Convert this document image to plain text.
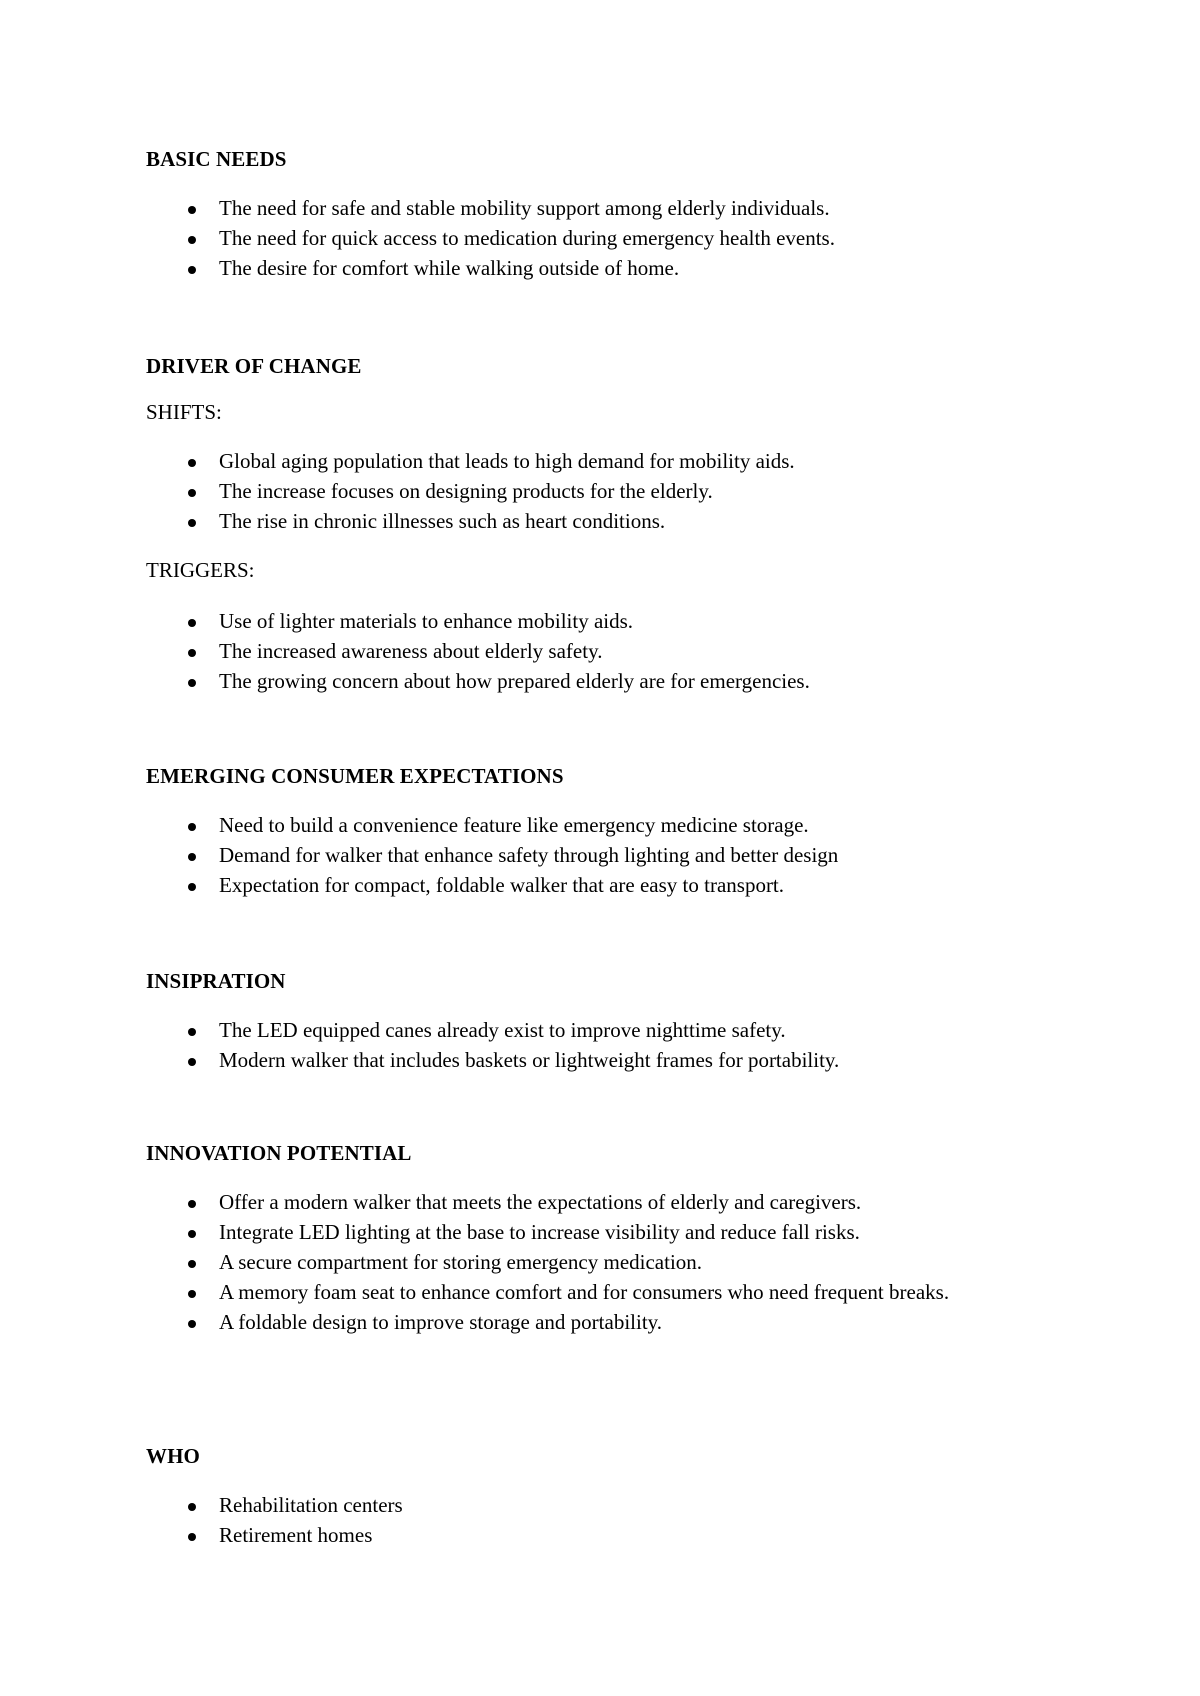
BASIC NEEDS
The need for safe and stable mobility support among elderly individuals.
The need for quick access to medication during emergency health events.
The desire for comfort while walking outside of home.
DRIVER OF CHANGE
SHIFTS:
Global aging population that leads to high demand for mobility aids.
The increase focuses on designing products for the elderly.
The rise in chronic illnesses such as heart conditions.
TRIGGERS:
Use of lighter materials to enhance mobility aids.
The increased awareness about elderly safety.
The growing concern about how prepared elderly are for emergencies.
EMERGING CONSUMER EXPECTATIONS
Need to build a convenience feature like emergency medicine storage.
Demand for walker that enhance safety through lighting and better design
Expectation for compact, foldable walker that are easy to transport.
INSIPRATION
The LED equipped canes already exist to improve nighttime safety.
Modern walker that includes baskets or lightweight frames for portability.
INNOVATION POTENTIAL
Offer a modern walker that meets the expectations of elderly and caregivers.
Integrate LED lighting at the base to increase visibility and reduce fall risks.
A secure compartment for storing emergency medication.
A memory foam seat to enhance comfort and for consumers who need frequent breaks.
A foldable design to improve storage and portability.
WHO
Rehabilitation centers
Retirement homes
